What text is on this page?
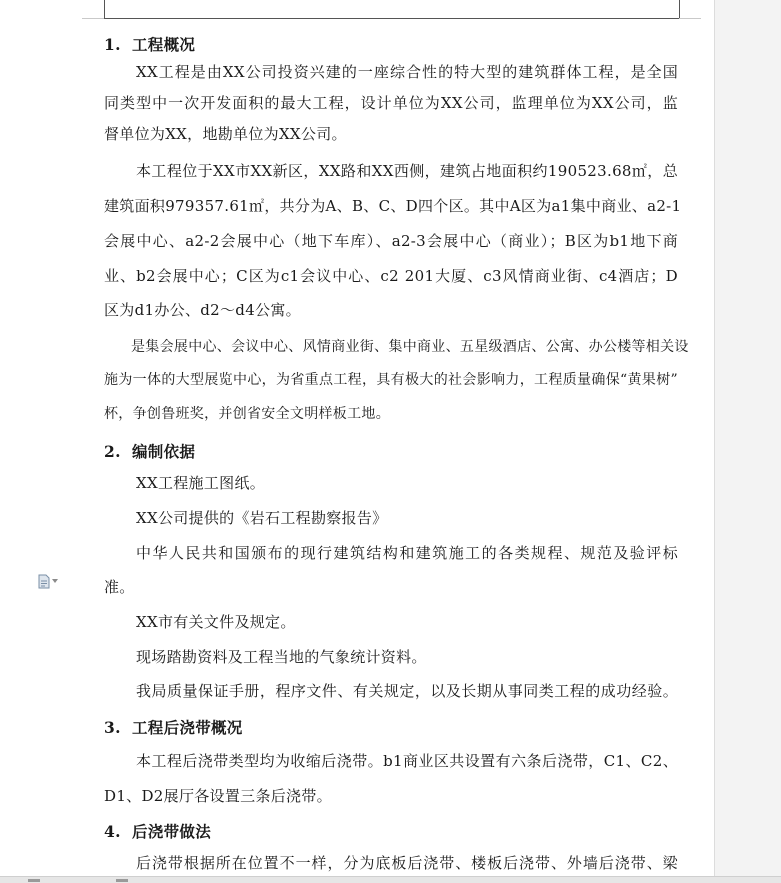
1. 工程概况
XX工程是由XX公司投资兴建的一座综合性的特大型的建筑群体工程，是全国
同类型中一次开发面积的最大工程，设计单位为XX公司，监理单位为XX公司，监
督单位为XX，地勘单位为XX公司。
本工程位于XX市XX新区，XX路和XX西侧，建筑占地面积约190523.68㎡，总
建筑面积979357.61㎡，共分为A、B、C、D四个区。其中A区为a1集中商业、a2-1
会展中心、a2-2会展中心（地下车库）、a2-3会展中心（商业）；B区为b1地下商
业、b2会展中心；C区为c1会议中心、c2 201大厦、c3风情商业街、c4酒店；D
区为d1办公、d2～d4公寓。
是集会展中心、会议中心、风情商业街、集中商业、五星级酒店、公寓、办公楼等相关设
施为一体的大型展览中心，为省重点工程，具有极大的社会影响力，工程质量确保“黄果树”
杯，争创鲁班奖，并创省安全文明样板工地。
2. 编制依据
XX工程施工图纸。
XX公司提供的《岩石工程勘察报告》
中华人民共和国颁布的现行建筑结构和建筑施工的各类规程、规范及验评标
准。
XX市有关文件及规定。
现场踏勘资料及工程当地的气象统计资料。
我局质量保证手册，程序文件、有关规定，以及长期从事同类工程的成功经验。
3. 工程后浇带概况
本工程后浇带类型均为收缩后浇带。b1商业区共设置有六条后浇带，C1、C2、
D1、D2展厅各设置三条后浇带。
4. 后浇带做法
后浇带根据所在位置不一样，分为底板后浇带、楼板后浇带、外墙后浇带、梁
